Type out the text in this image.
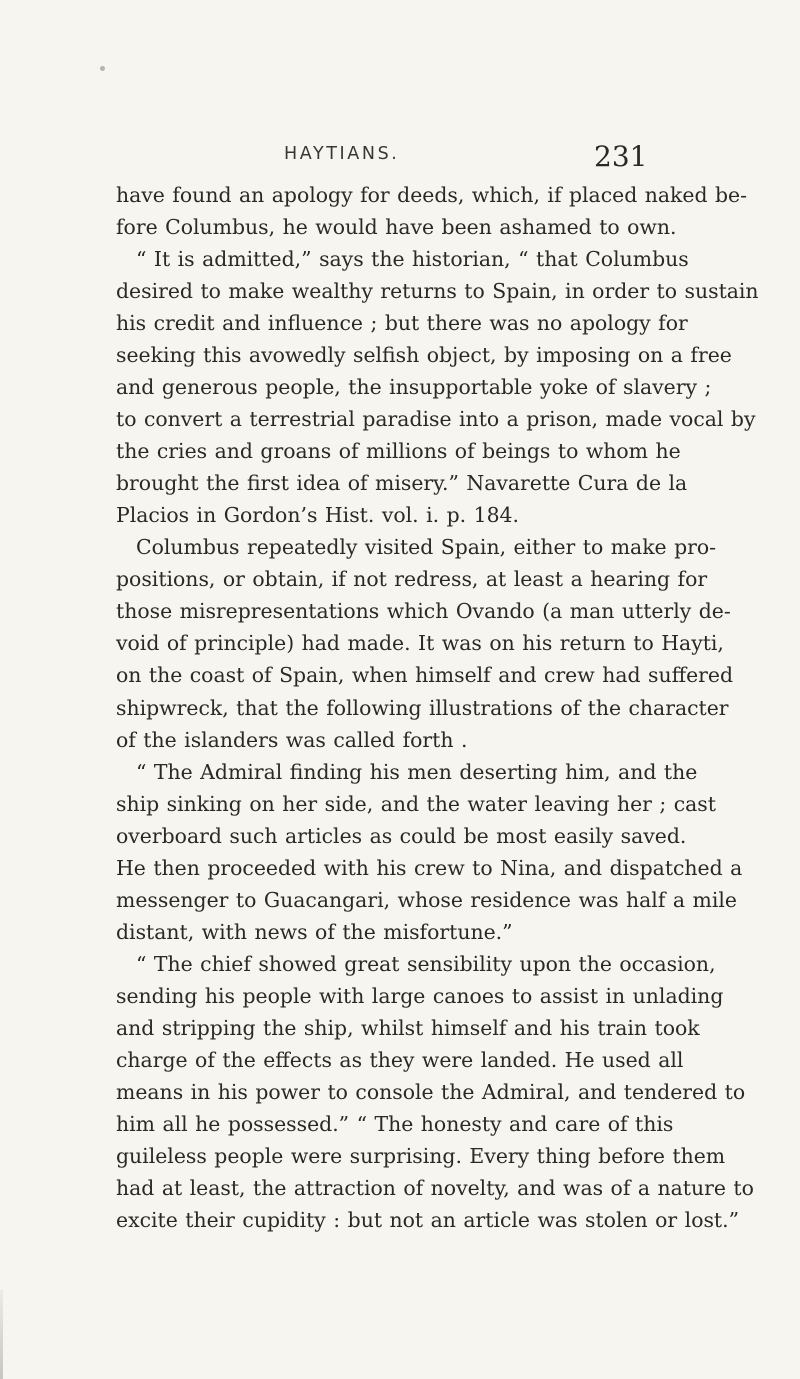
HAYTIANS.	231
have found an apology for deeds, which, if placed naked be-
fore Columbus, he would have been ashamed to own.
“ It is admitted,” says the historian, “ that Columbus
desired to make wealthy returns to Spain, in order to sustain
his credit and influence ; but there was no apology for
seeking this avowedly selfish object, by imposing on a free
and generous people, the insupportable yoke of slavery ;
to convert a terrestrial paradise into a prison, made vocal by
the cries and groans of millions of beings to whom he
brought the first idea of misery.” Navarette Cura de la
Placios in Gordon’s Hist. vol. i. p. 184.
Columbus repeatedly visited Spain, either to make pro-
positions, or obtain, if not redress, at least a hearing for
those misrepresentations which Ovando (a man utterly de-
void of principle) had made. It was on his return to Hayti,
on the coast of Spain, when himself and crew had suffered
shipwreck, that the following illustrations of the character
of the islanders was called forth .
“ The Admiral finding his men deserting him, and the
ship sinking on her side, and the water leaving her ; cast
overboard such articles as could be most easily saved.
He then proceeded with his crew to Nina, and dispatched a
messenger to Guacangari, whose residence was half a mile
distant, with news of the misfortune.”
“ The chief showed great sensibility upon the occasion,
sending his people with large canoes to assist in unlading
and stripping the ship, whilst himself and his train took
charge of the effects as they were landed. He used all
means in his power to console the Admiral, and tendered to
him all he possessed.” “ The honesty and care of this
guileless people were surprising. Every thing before them
had at least, the attraction of novelty, and was of a nature to
excite their cupidity : but not an article was stolen or lost.”
